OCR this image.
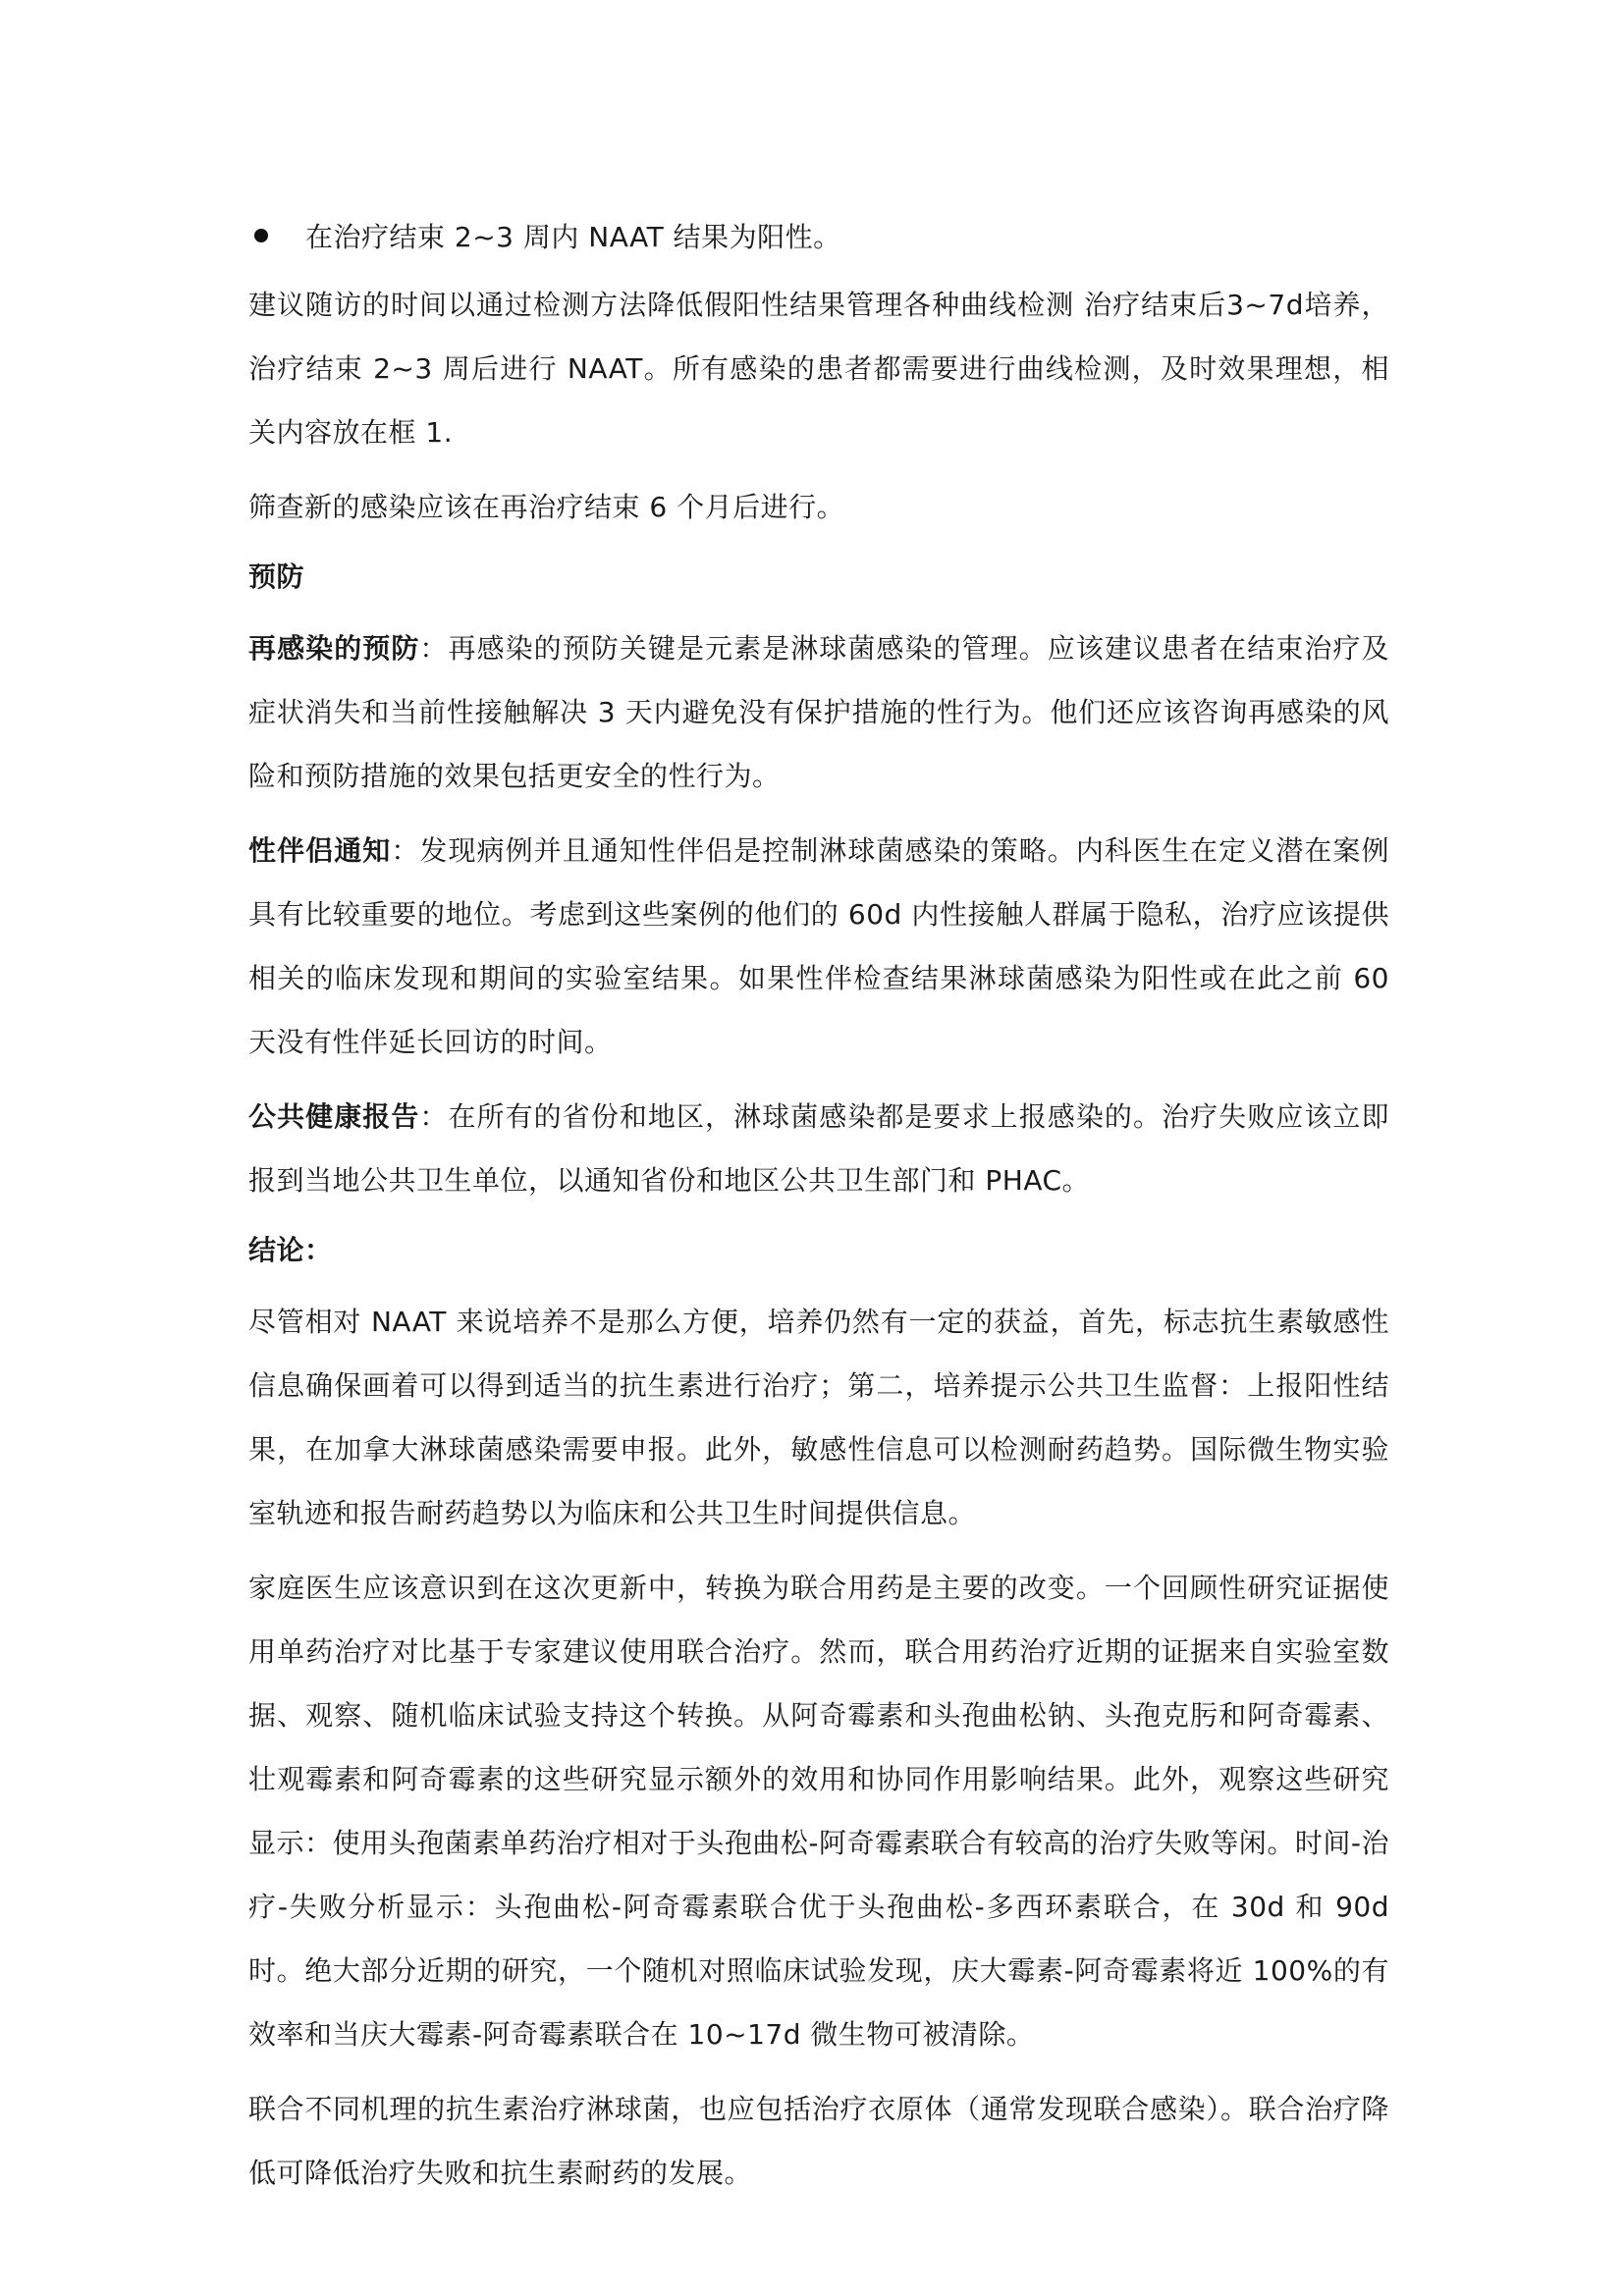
在治疗结束 2~3 周内 NAAT 结果为阳性。

建议随访的时间以通过检测方法降低假阳性结果管理各种曲线检测 治疗结束后3~7d培养，治疗结束 2~3 周后进行 NAAT。所有感染的患者都需要进行曲线检测，及时效果理想，相关内容放在框 1.

筛查新的感染应该在再治疗结束 6 个月后进行。

预防

再感染的预防：再感染的预防关键是元素是淋球菌感染的管理。应该建议患者在结束治疗及症状消失和当前性接触解决 3 天内避免没有保护措施的性行为。他们还应该咨询再感染的风险和预防措施的效果包括更安全的性行为。

性伴侣通知：发现病例并且通知性伴侣是控制淋球菌感染的策略。内科医生在定义潜在案例具有比较重要的地位。考虑到这些案例的他们的 60d 内性接触人群属于隐私，治疗应该提供相关的临床发现和期间的实验室结果。如果性伴检查结果淋球菌感染为阳性或在此之前 60 天没有性伴延长回访的时间。

公共健康报告：在所有的省份和地区，淋球菌感染都是要求上报感染的。治疗失败应该立即报到当地公共卫生单位，以通知省份和地区公共卫生部门和 PHAC。

结论：

尽管相对 NAAT 来说培养不是那么方便，培养仍然有一定的获益，首先，标志抗生素敏感性信息确保画着可以得到适当的抗生素进行治疗；第二，培养提示公共卫生监督：上报阳性结果，在加拿大淋球菌感染需要申报。此外，敏感性信息可以检测耐药趋势。国际微生物实验室轨迹和报告耐药趋势以为临床和公共卫生时间提供信息。

家庭医生应该意识到在这次更新中，转换为联合用药是主要的改变。一个回顾性研究证据使用单药治疗对比基于专家建议使用联合治疗。然而，联合用药治疗近期的证据来自实验室数据、观察、随机临床试验支持这个转换。从阿奇霉素和头孢曲松钠、头孢克肟和阿奇霉素、壮观霉素和阿奇霉素的这些研究显示额外的效用和协同作用影响结果。此外，观察这些研究显示：使用头孢菌素单药治疗相对于头孢曲松-阿奇霉素联合有较高的治疗失败等闲。时间-治疗-失败分析显示：头孢曲松-阿奇霉素联合优于头孢曲松-多西环素联合，在 30d 和 90d时。绝大部分近期的研究，一个随机对照临床试验发现，庆大霉素-阿奇霉素将近 100%的有效率和当庆大霉素-阿奇霉素联合在 10~17d 微生物可被清除。

联合不同机理的抗生素治疗淋球菌，也应包括治疗衣原体（通常发现联合感染）。联合治疗降低可降低治疗失败和抗生素耐药的发展。
